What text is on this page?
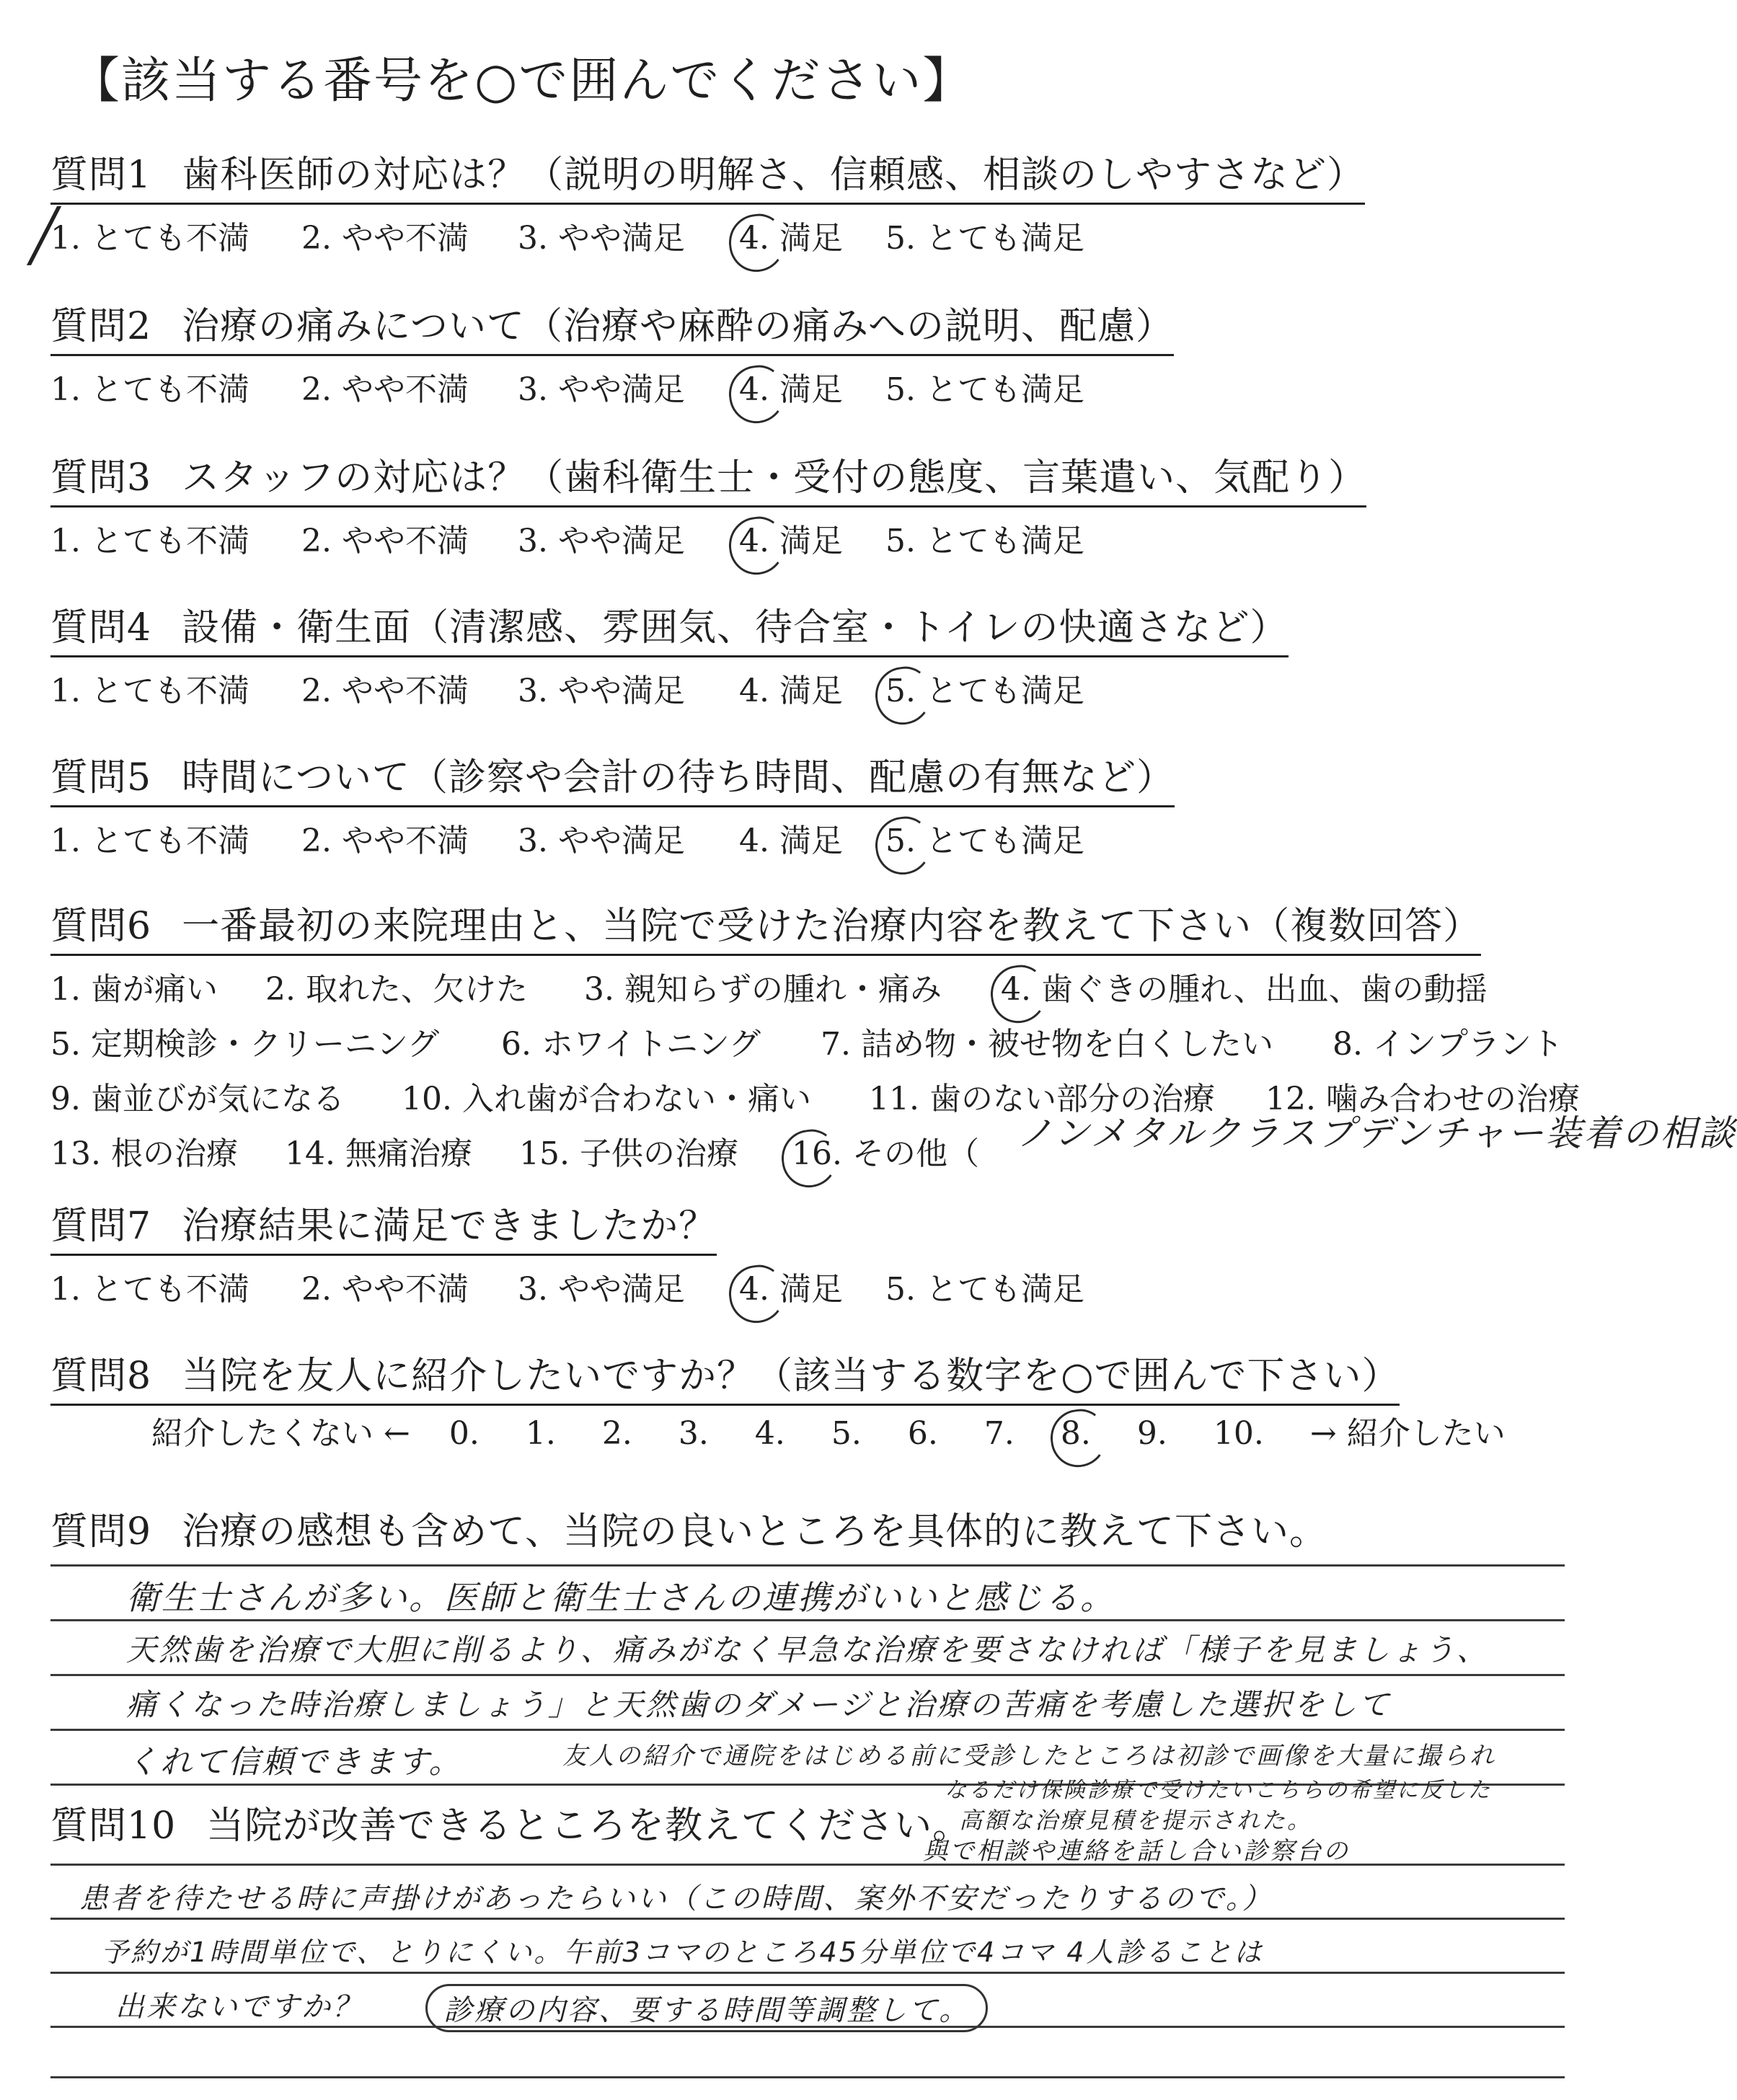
【該当する番号を○で囲んでください】
質問1 歯科医師の対応は？（説明の明解さ、信頼感、相談のしやすさなど）
1. とても不満 2. やや不満 3. やや満足 4. 満足 5. とても満足
╱
質問2 治療の痛みについて（治療や麻酔の痛みへの説明、配慮）
1. とても不満 2. やや不満 3. やや満足 4. 満足 5. とても満足
質問3 スタッフの対応は？（歯科衛生士・受付の態度、言葉遣い、気配り）
1. とても不満 2. やや不満 3. やや満足 4. 満足 5. とても満足
質問4 設備・衛生面（清潔感、雰囲気、待合室・トイレの快適さなど）
1. とても不満 2. やや不満 3. やや満足 4. 満足 5. とても満足
質問5 時間について（診察や会計の待ち時間、配慮の有無など）
1. とても不満 2. やや不満 3. やや満足 4. 満足 5. とても満足
質問6 一番最初の来院理由と、当院で受けた治療内容を教えて下さい（複数回答）
1. 歯が痛い 2. 取れた、欠けた 3. 親知らずの腫れ・痛み 4. 歯ぐきの腫れ、出血、歯の動揺
5. 定期検診・クリーニング 6. ホワイトニング 7. 詰め物・被せ物を白くしたい 8. インプラント
9. 歯並びが気になる 10. 入れ歯が合わない・痛い 11. 歯のない部分の治療 12. 噛み合わせの治療
13. 根の治療 14. 無痛治療 15. 子供の治療 16. その他（	ノンメタルクラスプデンチャー装着の相談
質問7 治療結果に満足できましたか？
1. とても不満 2. やや不満 3. やや満足 4. 満足 5. とても満足
質問8 当院を友人に紹介したいですか？（該当する数字を○で囲んで下さい）
紹介したくない ← 0. 1. 2. 3. 4. 5. 6. 7. 8. 9. 10. → 紹介したい
質問9 治療の感想も含めて、当院の良いところを具体的に教えて下さい。
衛生士さんが多い。医師と衛生士さんの連携がいいと感じる。
天然歯を治療で大胆に削るより、痛みがなく早急な治療を要さなければ「様子を見ましょう、
痛くなった時治療しましょう」と天然歯のダメージと治療の苦痛を考慮した選択をして
くれて信頼できます。	友人の紹介で通院をはじめる前に受診したところは初診で画像を大量に撮られ
なるだけ保険診療で受けたいこちらの希望に反した
高額な治療見積を提示された。
與で相談や連絡を話し合い診察台の
質問10 当院が改善できるところを教えてください。
患者を待たせる時に声掛けがあったらいい（この時間、案外不安だったりするので。）
予約が1時間単位で、とりにくい。午前3コマのところ45分単位で4コマ 4人診ることは
出来ないですか？	診療の内容、要する時間等調整して。
